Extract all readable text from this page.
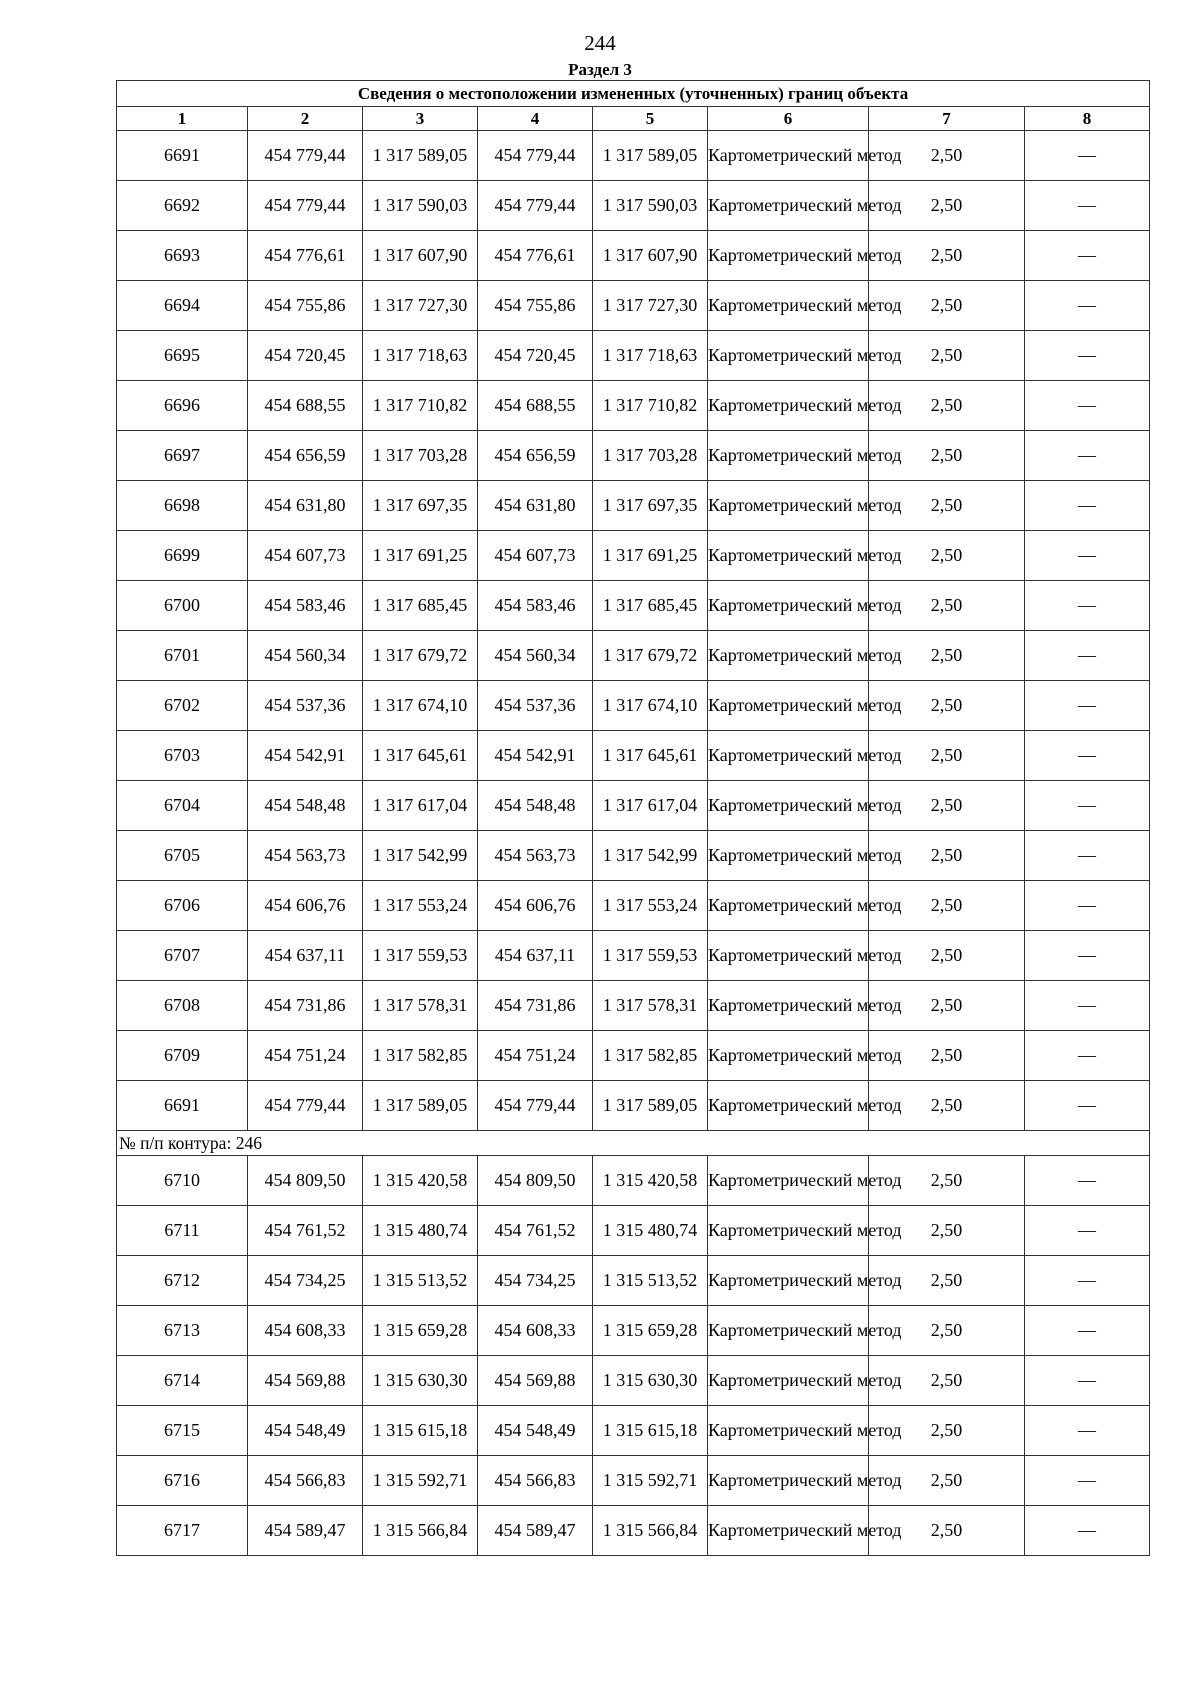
244
Раздел 3
Сведения о местоположении измененных (уточненных) границ объекта							
1	2	3	4	5	6	7	8
6691	454 779,44	1 317 589,05	454 779,44	1 317 589,05	Картометрический метод	2,50	—
6692	454 779,44	1 317 590,03	454 779,44	1 317 590,03	Картометрический метод	2,50	—
6693	454 776,61	1 317 607,90	454 776,61	1 317 607,90	Картометрический метод	2,50	—
6694	454 755,86	1 317 727,30	454 755,86	1 317 727,30	Картометрический метод	2,50	—
6695	454 720,45	1 317 718,63	454 720,45	1 317 718,63	Картометрический метод	2,50	—
6696	454 688,55	1 317 710,82	454 688,55	1 317 710,82	Картометрический метод	2,50	—
6697	454 656,59	1 317 703,28	454 656,59	1 317 703,28	Картометрический метод	2,50	—
6698	454 631,80	1 317 697,35	454 631,80	1 317 697,35	Картометрический метод	2,50	—
6699	454 607,73	1 317 691,25	454 607,73	1 317 691,25	Картометрический метод	2,50	—
6700	454 583,46	1 317 685,45	454 583,46	1 317 685,45	Картометрический метод	2,50	—
6701	454 560,34	1 317 679,72	454 560,34	1 317 679,72	Картометрический метод	2,50	—
6702	454 537,36	1 317 674,10	454 537,36	1 317 674,10	Картометрический метод	2,50	—
6703	454 542,91	1 317 645,61	454 542,91	1 317 645,61	Картометрический метод	2,50	—
6704	454 548,48	1 317 617,04	454 548,48	1 317 617,04	Картометрический метод	2,50	—
6705	454 563,73	1 317 542,99	454 563,73	1 317 542,99	Картометрический метод	2,50	—
6706	454 606,76	1 317 553,24	454 606,76	1 317 553,24	Картометрический метод	2,50	—
6707	454 637,11	1 317 559,53	454 637,11	1 317 559,53	Картометрический метод	2,50	—
6708	454 731,86	1 317 578,31	454 731,86	1 317 578,31	Картометрический метод	2,50	—
6709	454 751,24	1 317 582,85	454 751,24	1 317 582,85	Картометрический метод	2,50	—
6691	454 779,44	1 317 589,05	454 779,44	1 317 589,05	Картометрический метод	2,50	—
№ п/п контура: 246							
6710	454 809,50	1 315 420,58	454 809,50	1 315 420,58	Картометрический метод	2,50	—
6711	454 761,52	1 315 480,74	454 761,52	1 315 480,74	Картометрический метод	2,50	—
6712	454 734,25	1 315 513,52	454 734,25	1 315 513,52	Картометрический метод	2,50	—
6713	454 608,33	1 315 659,28	454 608,33	1 315 659,28	Картометрический метод	2,50	—
6714	454 569,88	1 315 630,30	454 569,88	1 315 630,30	Картометрический метод	2,50	—
6715	454 548,49	1 315 615,18	454 548,49	1 315 615,18	Картометрический метод	2,50	—
6716	454 566,83	1 315 592,71	454 566,83	1 315 592,71	Картометрический метод	2,50	—
6717	454 589,47	1 315 566,84	454 589,47	1 315 566,84	Картометрический метод	2,50	—
